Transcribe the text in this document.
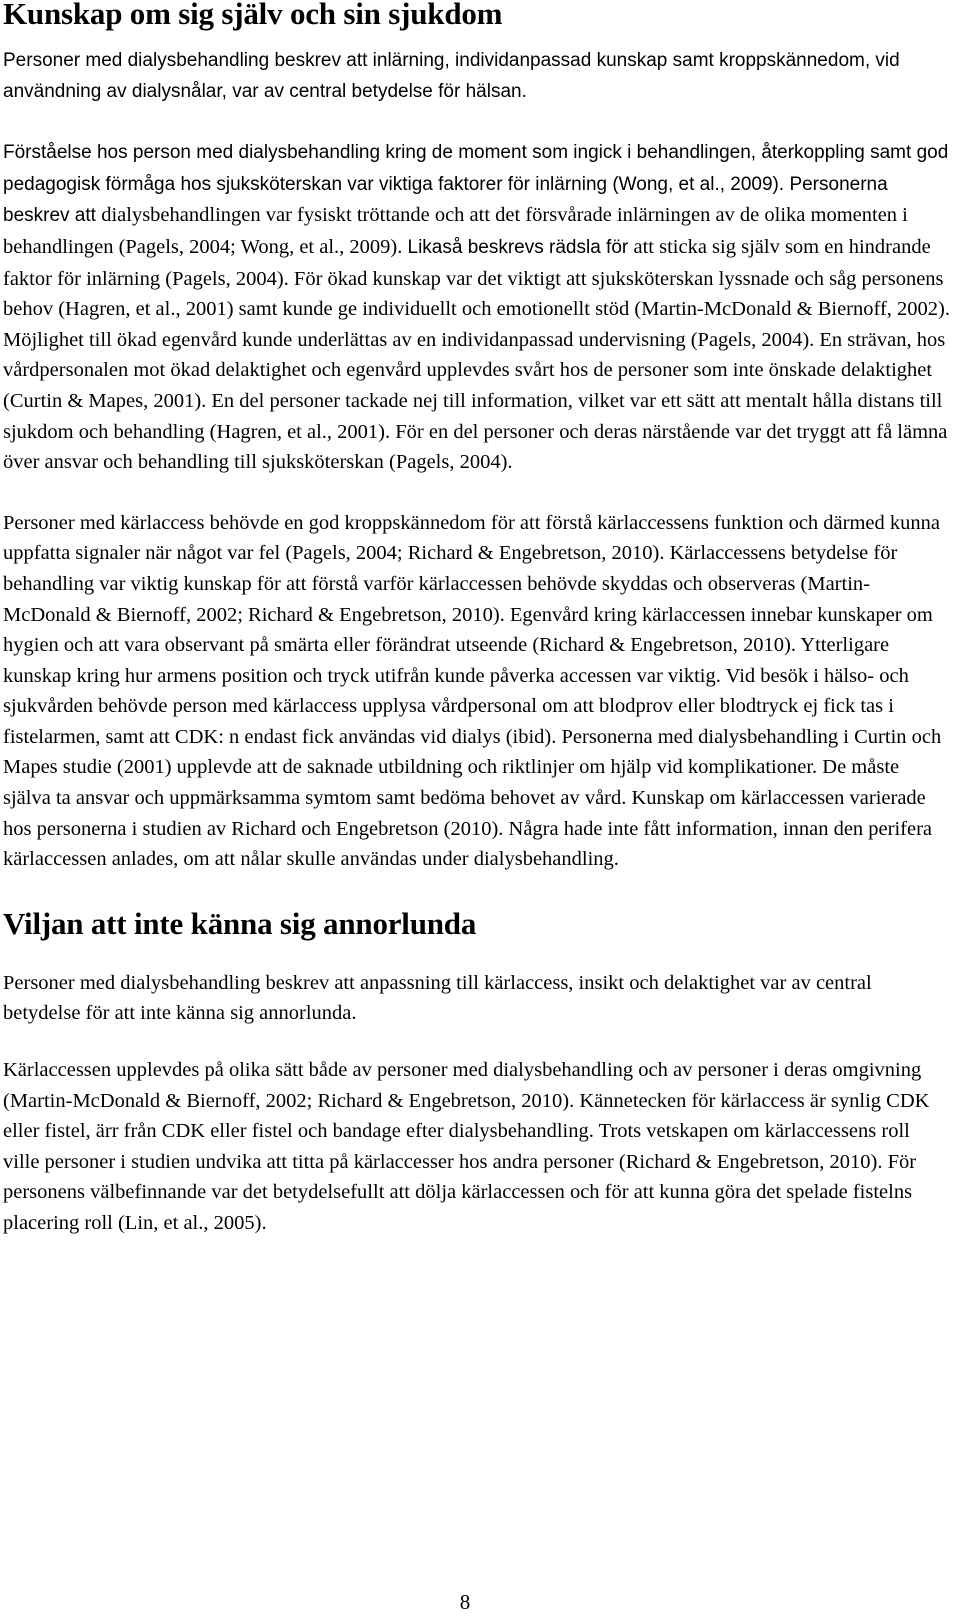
Kunskap om sig själv och sin sjukdom

Personer med dialysbehandling beskrev att inlärning, individanpassad kunskap samt kroppskännedom, vid användning av dialysnålar, var av central betydelse för hälsan.

Förståelse hos person med dialysbehandling kring de moment som ingick i behandlingen, återkoppling samt god pedagogisk förmåga hos sjuksköterskan var viktiga faktorer för inlärning (Wong, et al., 2009). Personerna beskrev att dialysbehandlingen var fysiskt tröttande och att det försvårade inlärningen av de olika momenten i behandlingen (Pagels, 2004; Wong, et al., 2009). Likaså beskrevs rädsla för att sticka sig själv som en hindrande faktor för inlärning (Pagels, 2004). För ökad kunskap var det viktigt att sjuksköterskan lyssnade och såg personens behov (Hagren, et al., 2001) samt kunde ge individuellt och emotionellt stöd (Martin-McDonald & Biernoff, 2002). Möjlighet till ökad egenvård kunde underlättas av en individanpassad undervisning (Pagels, 2004). En strävan, hos vårdpersonalen mot ökad delaktighet och egenvård upplevdes svårt hos de personer som inte önskade delaktighet (Curtin & Mapes, 2001). En del personer tackade nej till information, vilket var ett sätt att mentalt hålla distans till sjukdom och behandling (Hagren, et al., 2001). För en del personer och deras närstående var det tryggt att få lämna över ansvar och behandling till sjuksköterskan (Pagels, 2004).

Personer med kärlaccess behövde en god kroppskännedom för att förstå kärlaccessens funktion och därmed kunna uppfatta signaler när något var fel (Pagels, 2004; Richard & Engebretson, 2010). Kärlaccessens betydelse för behandling var viktig kunskap för att förstå varför kärlaccessen behövde skyddas och observeras (Martin-McDonald & Biernoff, 2002; Richard & Engebretson, 2010). Egenvård kring kärlaccessen innebar kunskaper om hygien och att vara observant på smärta eller förändrat utseende (Richard & Engebretson, 2010). Ytterligare kunskap kring hur armens position och tryck utifrån kunde påverka accessen var viktig. Vid besök i hälso- och sjukvården behövde person med kärlaccess upplysa vårdpersonal om att blodprov eller blodtryck ej fick tas i fistelarmen, samt att CDK: n endast fick användas vid dialys (ibid). Personerna med dialysbehandling i Curtin och Mapes studie (2001) upplevde att de saknade utbildning och riktlinjer om hjälp vid komplikationer. De måste själva ta ansvar och uppmärksamma symtom samt bedöma behovet av vård. Kunskap om kärlaccessen varierade hos personerna i studien av Richard och Engebretson (2010). Några hade inte fått information, innan den perifera kärlaccessen anlades, om att nålar skulle användas under dialysbehandling.

Viljan att inte känna sig annorlunda

Personer med dialysbehandling beskrev att anpassning till kärlaccess, insikt och delaktighet var av central betydelse för att inte känna sig annorlunda.

Kärlaccessen upplevdes på olika sätt både av personer med dialysbehandling och av personer i deras omgivning (Martin-McDonald & Biernoff, 2002; Richard & Engebretson, 2010). Kännetecken för kärlaccess är synlig CDK eller fistel, ärr från CDK eller fistel och bandage efter dialysbehandling. Trots vetskapen om kärlaccessens roll ville personer i studien undvika att titta på kärlaccesser hos andra personer (Richard & Engebretson, 2010). För personens välbefinnande var det betydelsefullt att dölja kärlaccessen och för att kunna göra det spelade fistelns placering roll (Lin, et al., 2005).

8
